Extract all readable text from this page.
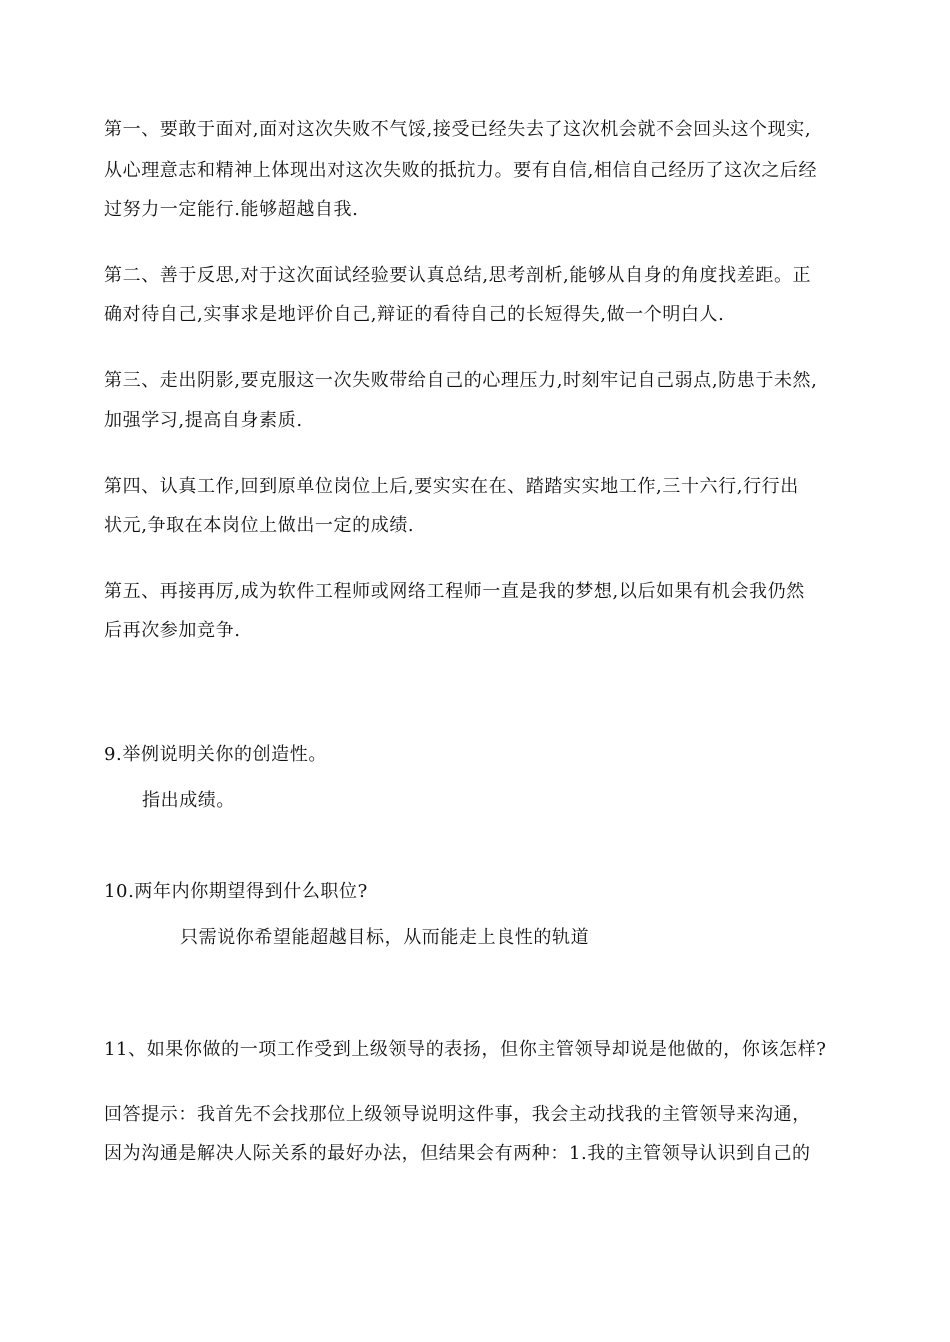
第一、要敢于面对,面对这次失败不气馁,接受已经失去了这次机会就不会回头这个现实,
从心理意志和精神上体现出对这次失败的抵抗力。要有自信,相信自己经历了这次之后经
过努力一定能行.能够超越自我.
第二、善于反思,对于这次面试经验要认真总结,思考剖析,能够从自身的角度找差距。正
确对待自己,实事求是地评价自己,辩证的看待自己的长短得失,做一个明白人.
第三、走出阴影,要克服这一次失败带给自己的心理压力,时刻牢记自己弱点,防患于未然,
加强学习,提高自身素质.
第四、认真工作,回到原单位岗位上后,要实实在在、踏踏实实地工作,三十六行,行行出
状元,争取在本岗位上做出一定的成绩.
第五、再接再厉,成为软件工程师或网络工程师一直是我的梦想,以后如果有机会我仍然
后再次参加竞争.
9.举例说明关你的创造性。
指出成绩。
10.两年内你期望得到什么职位?
只需说你希望能超越目标，从而能走上良性的轨道
11、如果你做的一项工作受到上级领导的表扬，但你主管领导却说是他做的，你该怎样?
回答提示：我首先不会找那位上级领导说明这件事，我会主动找我的主管领导来沟通，
因为沟通是解决人际关系的最好办法，但结果会有两种：1.我的主管领导认识到自己的
